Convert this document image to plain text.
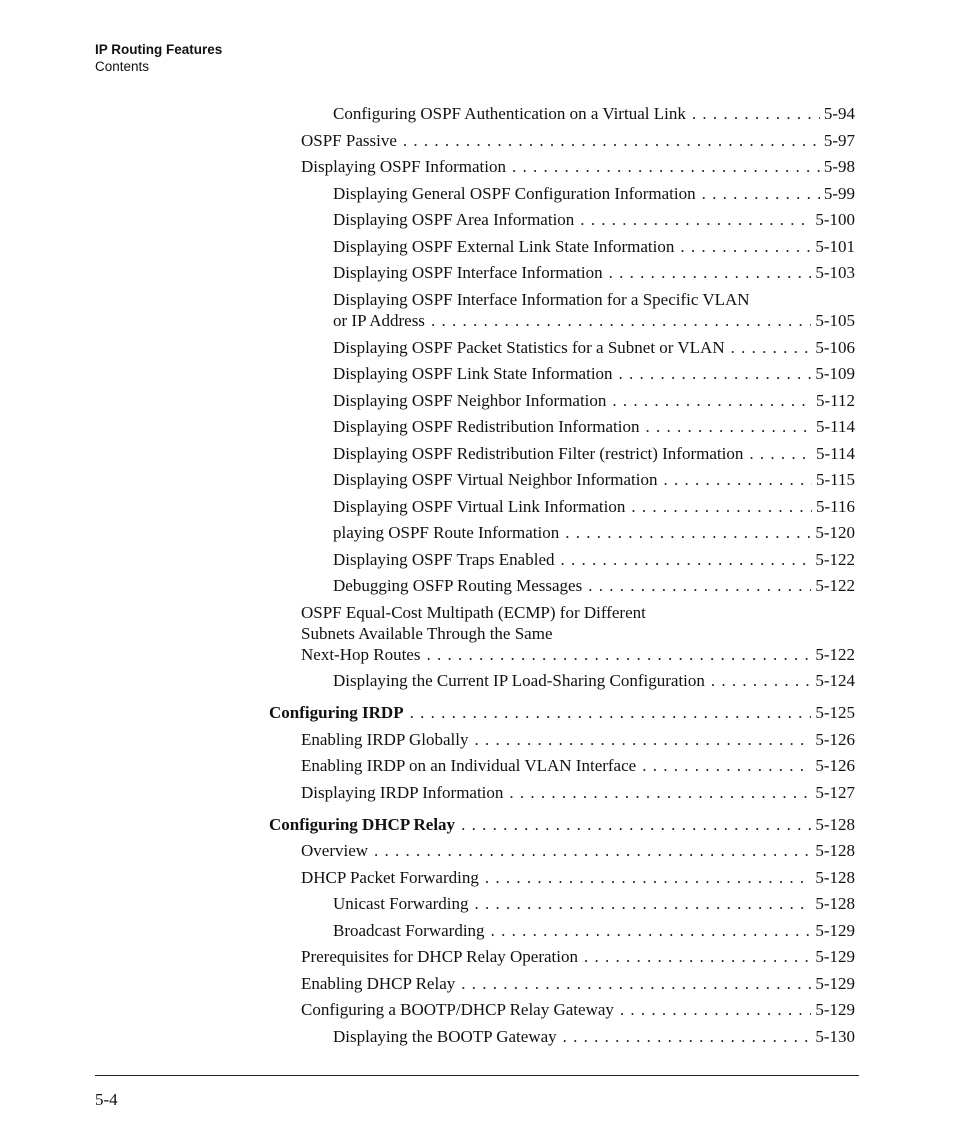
IP Routing Features
Contents
Configuring OSPF Authentication on a Virtual Link . . .	5-94
OSPF Passive . . .	5-97
Displaying OSPF Information . . .	5-98
Displaying General OSPF Configuration Information . . .	5-99
Displaying OSPF Area Information . . .	5-100
Displaying OSPF External Link State Information . . .	5-101
Displaying OSPF Interface Information . . .	5-103
Displaying OSPF Interface Information for a Specific VLAN
or IP Address . . .	5-105
Displaying OSPF Packet Statistics for a Subnet or VLAN . . .	5-106
Displaying OSPF Link State Information . . .	5-109
Displaying OSPF Neighbor Information . . .	5-112
Displaying OSPF Redistribution Information . . .	5-114
Displaying OSPF Redistribution Filter (restrict) Information . . .	5-114
Displaying OSPF Virtual Neighbor Information . . .	5-115
Displaying OSPF Virtual Link Information . . .	5-116
playing OSPF Route Information . . .	5-120
Displaying OSPF Traps Enabled . . .	5-122
Debugging OSFP Routing Messages . . .	5-122
OSPF Equal-Cost Multipath (ECMP) for Different
Subnets Available Through the Same
Next-Hop Routes . . .	5-122
Displaying the Current IP Load-Sharing Configuration . . .	5-124
Configuring IRDP . . .	5-125
Enabling IRDP Globally . . .	5-126
Enabling IRDP on an Individual VLAN Interface . . .	5-126
Displaying IRDP Information . . .	5-127
Configuring DHCP Relay . . .	5-128
Overview . . .	5-128
DHCP Packet Forwarding . . .	5-128
Unicast Forwarding . . .	5-128
Broadcast Forwarding . . .	5-129
Prerequisites for DHCP Relay Operation . . .	5-129
Enabling DHCP Relay . . .	5-129
Configuring a BOOTP/DHCP Relay Gateway . . .	5-129
Displaying the BOOTP Gateway . . .	5-130
5-4
